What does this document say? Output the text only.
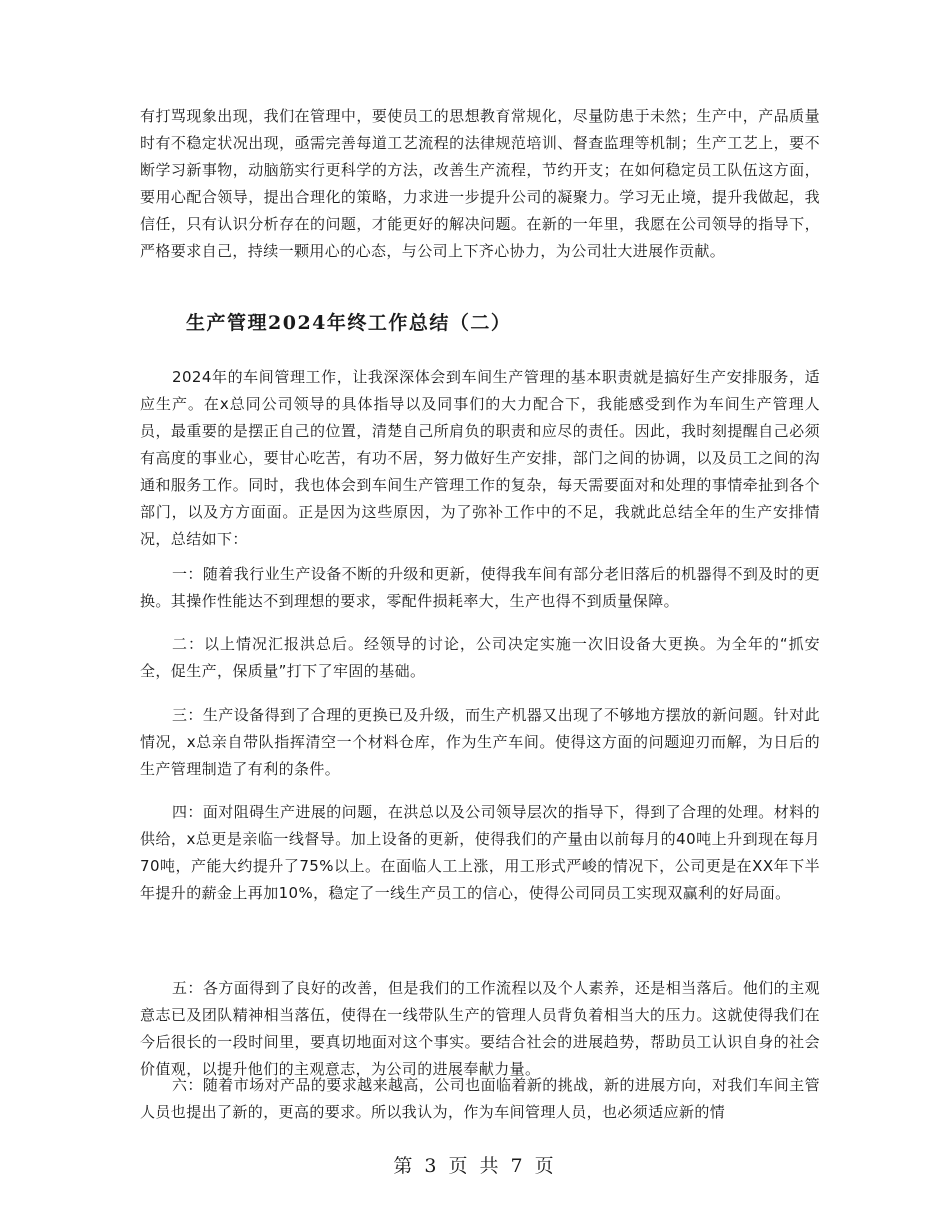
有打骂现象出现，我们在管理中，要使员工的思想教育常规化，尽量防患于未然；生产中，产品质量时有不稳定状况出现，亟需完善每道工艺流程的法律规范培训、督查监理等机制；生产工艺上，要不断学习新事物，动脑筋实行更科学的方法，改善生产流程，节约开支；在如何稳定员工队伍这方面，要用心配合领导，提出合理化的策略，力求进一步提升公司的凝聚力。学习无止境，提升我做起，我信任，只有认识分析存在的问题，才能更好的解决问题。在新的一年里，我愿在公司领导的指导下，严格要求自己，持续一颗用心的心态，与公司上下齐心协力，为公司壮大进展作贡献。

生产管理2024年终工作总结（二）

2024年的车间管理工作，让我深深体会到车间生产管理的基本职责就是搞好生产安排服务，适应生产。在x总同公司领导的具体指导以及同事们的大力配合下，我能感受到作为车间生产管理人员，最重要的是摆正自己的位置，清楚自己所肩负的职责和应尽的责任。因此，我时刻提醒自己必须有高度的事业心，要甘心吃苦，有功不居，努力做好生产安排，部门之间的协调，以及员工之间的沟通和服务工作。同时，我也体会到车间生产管理工作的复杂，每天需要面对和处理的事情牵扯到各个部门，以及方方面面。正是因为这些原因，为了弥补工作中的不足，我就此总结全年的生产安排情况，总结如下：

一：随着我行业生产设备不断的升级和更新，使得我车间有部分老旧落后的机器得不到及时的更换。其操作性能达不到理想的要求，零配件损耗率大，生产也得不到质量保障。

二：以上情况汇报洪总后。经领导的讨论，公司决定实施一次旧设备大更换。为全年的“抓安全，促生产，保质量”打下了牢固的基础。

三：生产设备得到了合理的更换已及升级，而生产机器又出现了不够地方摆放的新问题。针对此情况，x总亲自带队指挥清空一个材料仓库，作为生产车间。使得这方面的问题迎刃而解，为日后的生产管理制造了有利的条件。

四：面对阻碍生产进展的问题，在洪总以及公司领导层次的指导下，得到了合理的处理。材料的供给，x总更是亲临一线督导。加上设备的更新，使得我们的产量由以前每月的40吨上升到现在每月70吨，产能大约提升了75%以上。在面临人工上涨，用工形式严峻的情况下，公司更是在XX年下半年提升的薪金上再加10%，稳定了一线生产员工的信心，使得公司同员工实现双赢利的好局面。

五：各方面得到了良好的改善，但是我们的工作流程以及个人素养，还是相当落后。他们的主观意志已及团队精神相当落伍，使得在一线带队生产的管理人员背负着相当大的压力。这就使得我们在今后很长的一段时间里，要真切地面对这个事实。要结合社会的进展趋势，帮助员工认识自身的社会价值观，以提升他们的主观意志，为公司的进展奉献力量。

六：随着市场对产品的要求越来越高，公司也面临着新的挑战，新的进展方向，对我们车间主管人员也提出了新的，更高的要求。所以我认为，作为车间管理人员，也必须适应新的情

第 3 页 共 7 页
